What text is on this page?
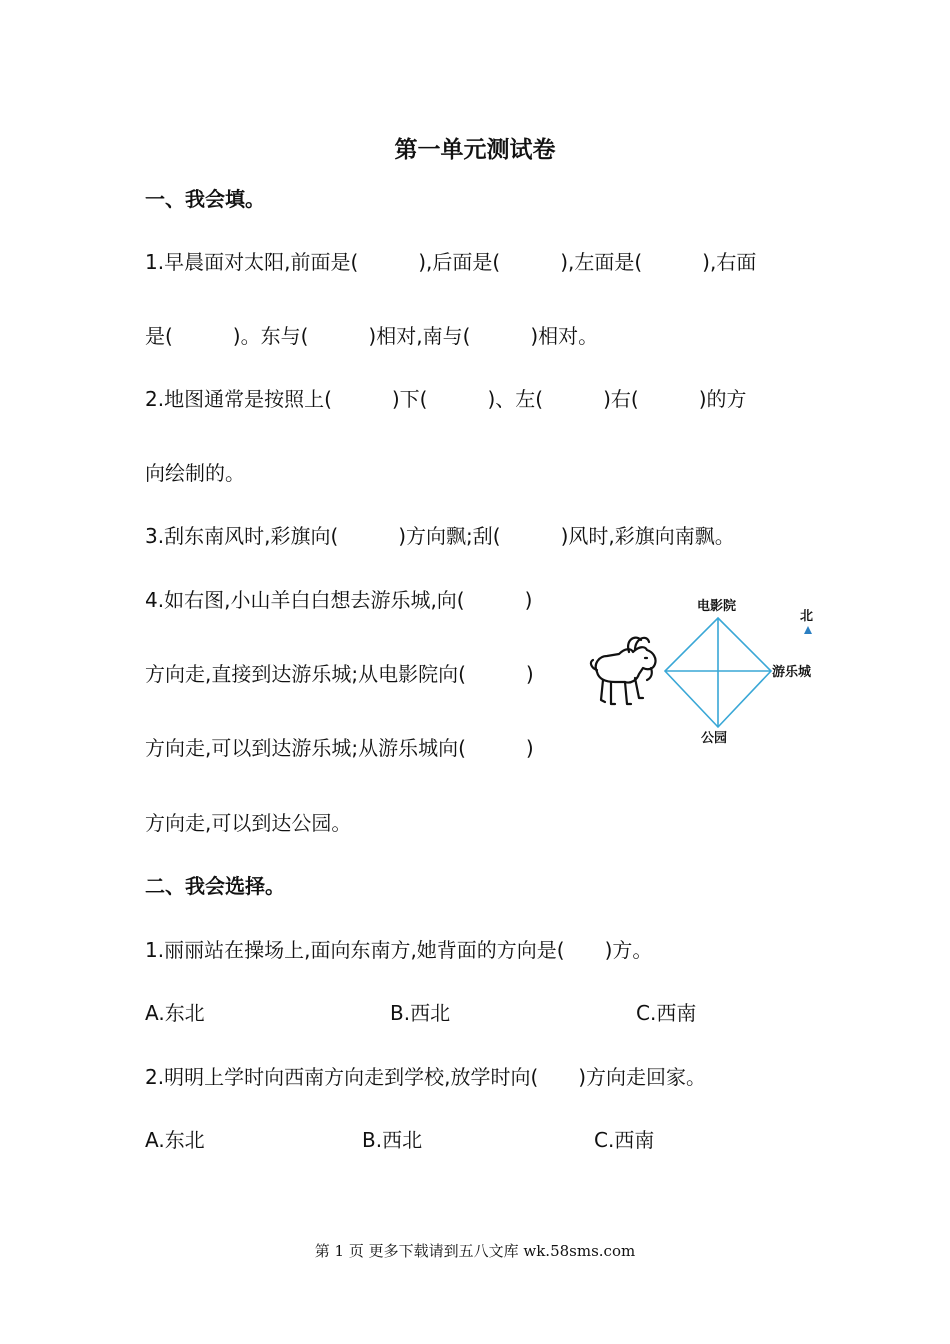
第一单元测试卷
一、我会填。
1.早晨面对太阳,前面是(　　　),后面是(　　　),左面是(　　　),右面
是(　　　)。东与(　　　)相对,南与(　　　)相对。
2.地图通常是按照上(　　　)下(　　　)、左(　　　)右(　　　)的方
向绘制的。
3.刮东南风时,彩旗向(　　　)方向飘;刮(　　　)风时,彩旗向南飘。
4.如右图,小山羊白白想去游乐城,向(　　　)
方向走,直接到达游乐城;从电影院向(　　　)
方向走,可以到达游乐城;从游乐城向(　　　)
方向走,可以到达公园。
电影院
游乐城
公园
北
二、我会选择。
1.丽丽站在操场上,面向东南方,她背面的方向是(　　)方。
A.东北	B.西北	C.西南
2.明明上学时向西南方向走到学校,放学时向(　　)方向走回家。
A.东北	B.西北	C.西南
第 1 页 更多下载请到五八文库 wk.58sms.com
